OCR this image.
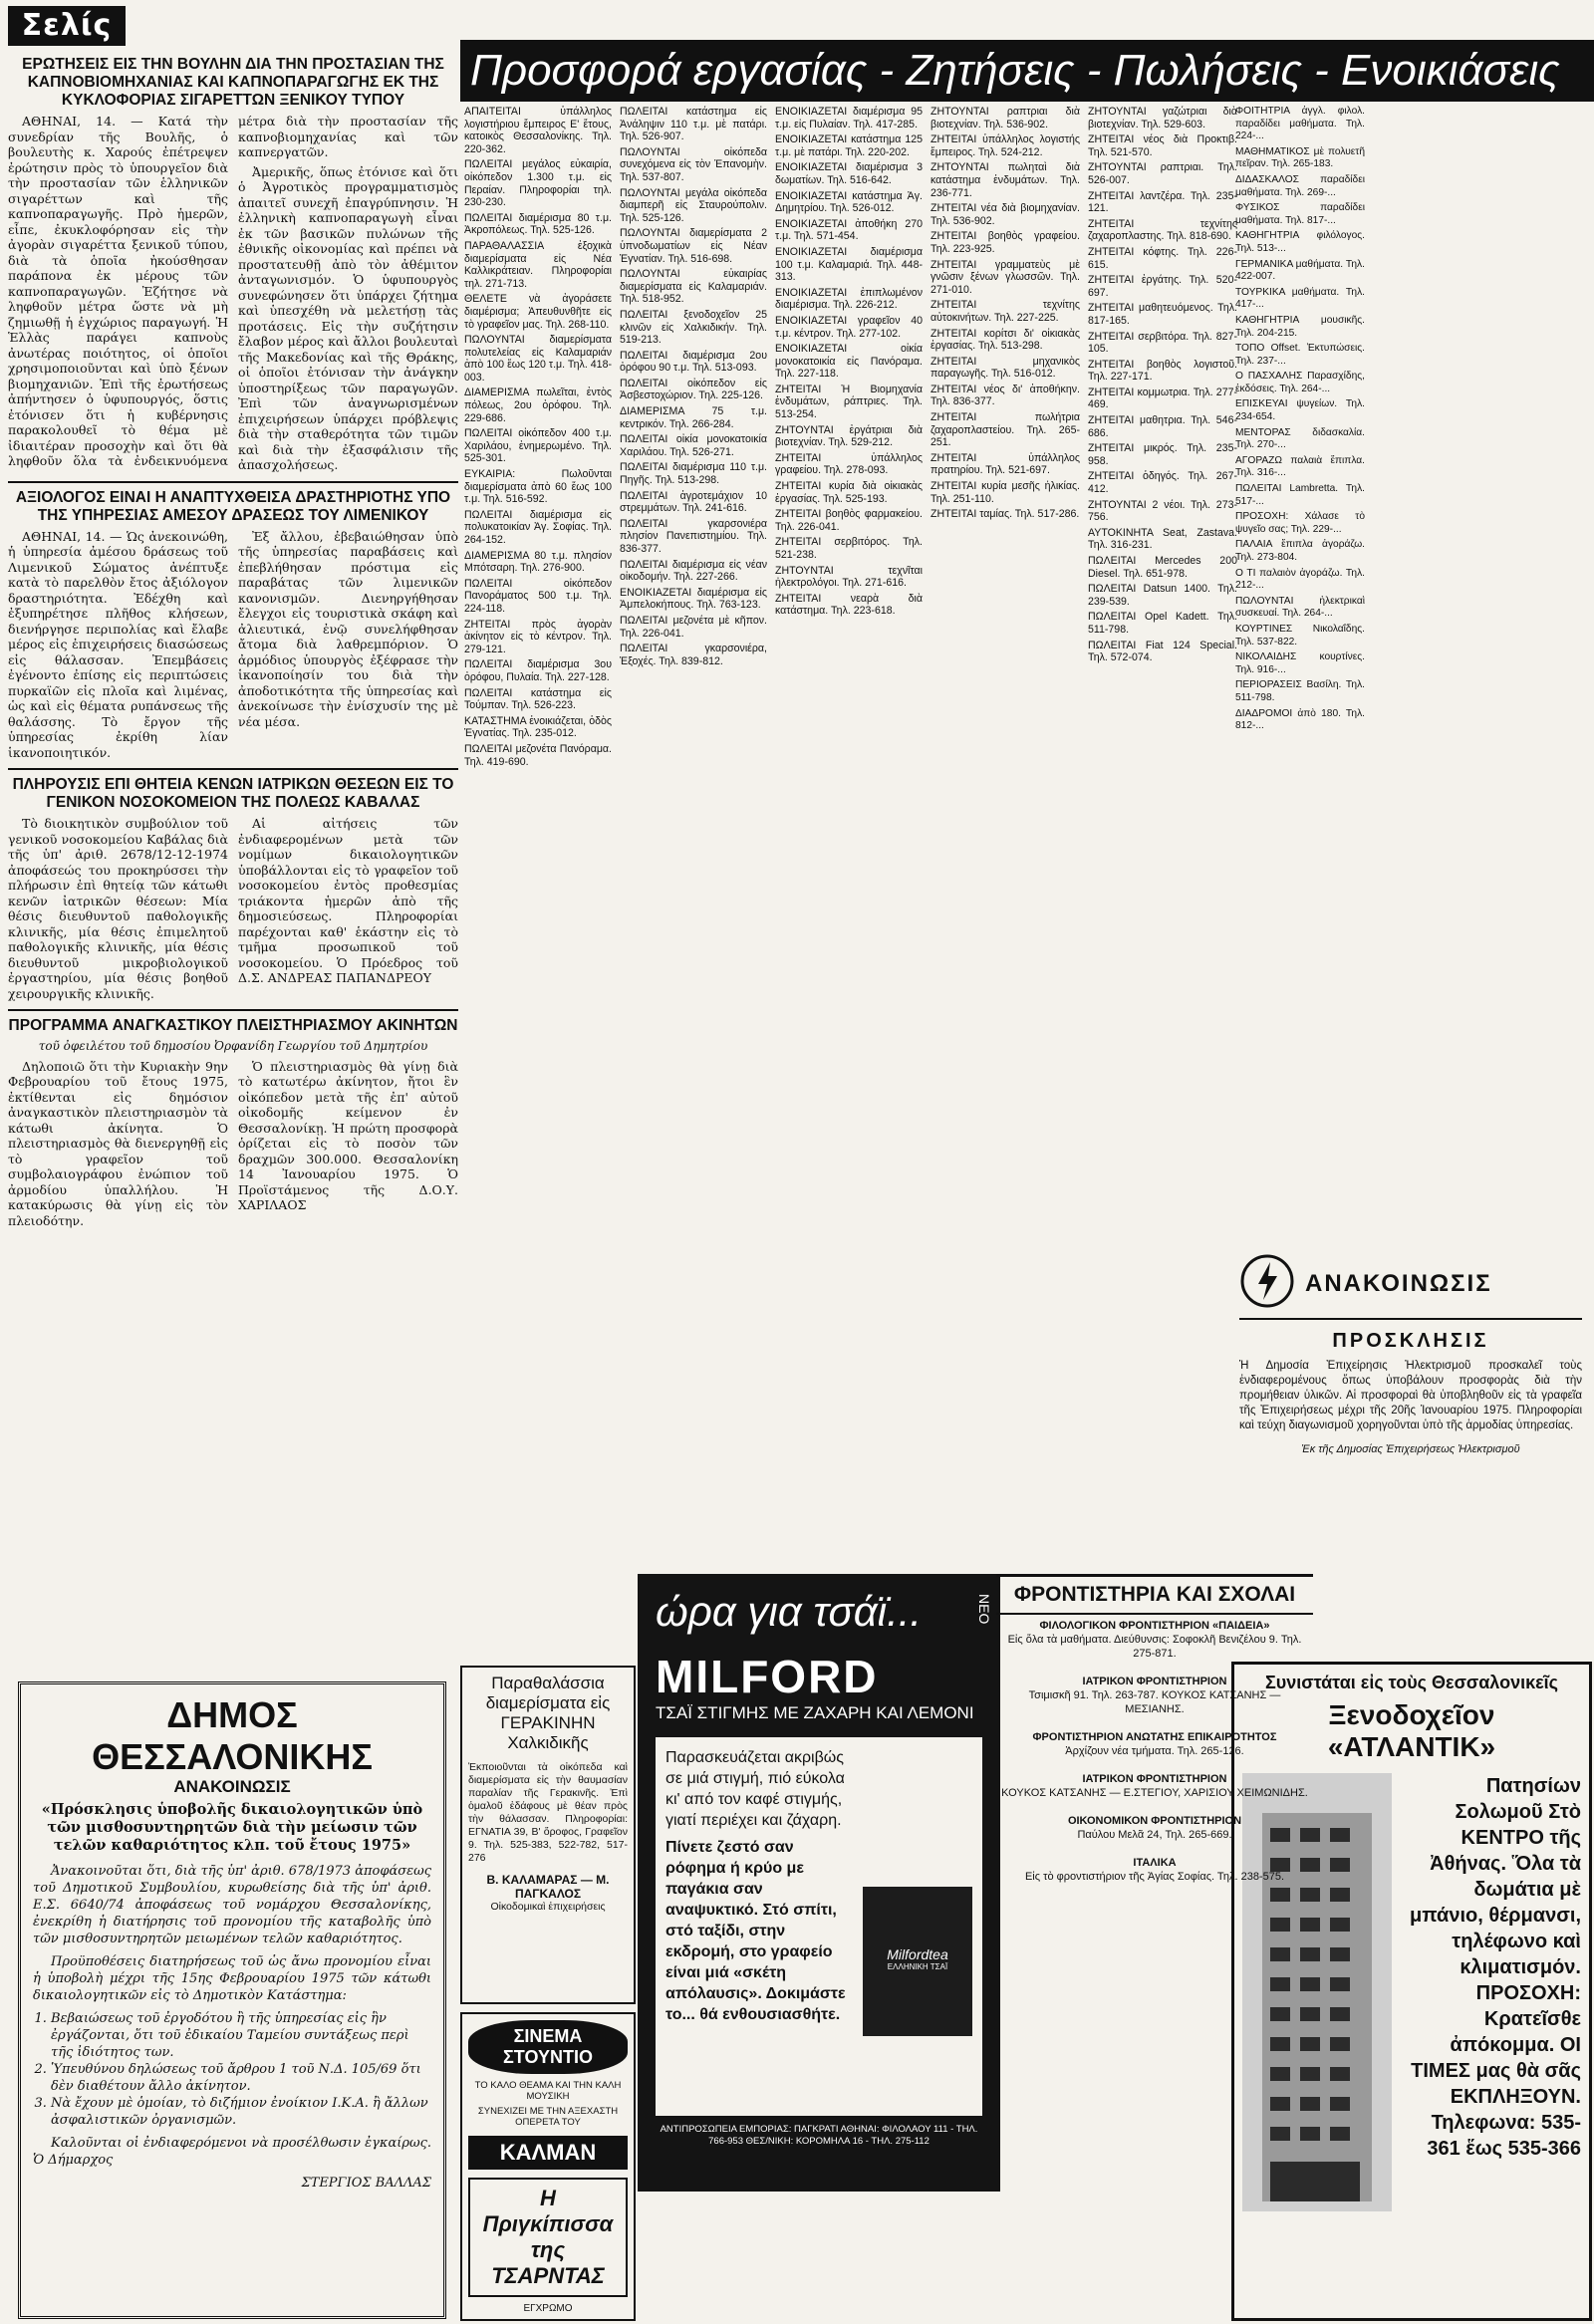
Σελίς
ΕΡΩΤΗΣΕΙΣ ΕΙΣ ΤΗΝ ΒΟΥΛΗΝ ΔΙΑ ΤΗΝ ΠΡΟΣΤΑΣΙΑΝ ΤΗΣ ΚΑΠΝΟΒΙΟΜΗΧΑΝΙΑΣ ΚΑΙ ΚΑΠΝΟΠΑΡΑΓΩΓΗΣ ΕΚ ΤΗΣ ΚΥΚΛΟΦΟΡΙΑΣ ΣΙΓΑΡΕΤΤΩΝ ΞΕΝΙΚΟΥ ΤΥΠΟΥ

ΑΘΗΝΑΙ, 14. — Κατά τὴν συνεδρίαν τῆς Βουλῆς, ὁ βουλευτὴς κ. Χαρούς ἐπέτρεψεν ἐρώτησιν πρὸς τὸ ὑπουργεῖον διὰ τὴν προστασίαν τῶν ἑλληνικῶν σιγαρέττων καὶ τῆς καπνοπαραγωγῆς. Πρὸ ἡμερῶν, εἶπε, ἐκυκλοφόρησαν εἰς τὴν ἀγορὰν σιγαρέττα ξενικοῦ τύπου, διὰ τὰ ὁποῖα ἠκούσθησαν παράπονα ἐκ μέρους τῶν καπνοπαραγωγῶν. Ἐζήτησε νὰ ληφθοῦν μέτρα ὥστε νὰ μὴ ζημιωθῇ ἡ ἐγχώριος παραγωγή. Ἡ Ἑλλὰς παράγει καπνοὺς ἀνωτέρας ποιότητος, οἱ ὁποῖοι χρησιμοποιοῦνται καὶ ὑπὸ ξένων βιομηχανιῶν. Ἐπὶ τῆς ἐρωτήσεως ἀπήντησεν ὁ ὑφυπουργός, ὅστις ἐτόνισεν ὅτι ἡ κυβέρνησις παρακολουθεῖ τὸ θέμα μὲ ἰδιαιτέραν προσοχὴν καὶ ὅτι θὰ ληφθοῦν ὅλα τὰ ἐνδεικνυόμενα μέτρα διὰ τὴν προστασίαν τῆς καπνοβιομηχανίας καὶ τῶν καπνεργατῶν.

Ἀμερικῆς, ὅπως ἐτόνισε καὶ ὅτι ὁ Ἀγροτικὸς προγραμματισμὸς ἀπαιτεῖ συνεχῆ ἐπαγρύπνησιν. Ἡ ἐλληνικὴ καπνοπαραγωγὴ εἶναι ἐκ τῶν βασικῶν πυλώνων τῆς ἐθνικῆς οἰκονομίας καὶ πρέπει νὰ προστατευθῇ ἀπὸ τὸν ἀθέμιτον ἀνταγωνισμόν. Ὁ ὑφυπουργὸς συνεφώνησεν ὅτι ὑπάρχει ζήτημα καὶ ὑπεσχέθη νὰ μελετήσῃ τὰς προτάσεις. Εἰς τὴν συζήτησιν ἔλαβον μέρος καὶ ἄλλοι βουλευταὶ τῆς Μακεδονίας καὶ τῆς Θράκης, οἱ ὁποῖοι ἐτόνισαν τὴν ἀνάγκην ὑποστηρίξεως τῶν παραγωγῶν. Ἐπὶ τῶν ἀναγνωρισμένων ἐπιχειρήσεων ὑπάρχει πρόβλεψις διὰ τὴν σταθερότητα τῶν τιμῶν καὶ διὰ τὴν ἐξασφάλισιν τῆς ἀπασχολήσεως.

ΑΞΙΟΛΟΓΟΣ ΕΙΝΑΙ Η ΑΝΑΠΤΥΧΘΕΙΣΑ ΔΡΑΣΤΗΡΙΟΤΗΣ ΥΠΟ ΤΗΣ ΥΠΗΡΕΣΙΑΣ ΑΜΕΣΟΥ ΔΡΑΣΕΩΣ ΤΟΥ ΛΙΜΕΝΙΚΟΥ

ΑΘΗΝΑΙ, 14. — Ὡς ἀνεκοινώθη, ἡ ὑπηρεσία ἀμέσου δράσεως τοῦ Λιμενικοῦ Σώματος ἀνέπτυξε κατὰ τὸ παρελθὸν ἔτος ἀξιόλογον δραστηριότητα. Ἐδέχθη καὶ ἐξυπηρέτησε πλῆθος κλήσεων, διενήργησε περιπολίας καὶ ἔλαβε μέρος εἰς ἐπιχειρήσεις διασώσεως εἰς θάλασσαν. Ἐπεμβάσεις ἐγένοντο ἐπίσης εἰς περιπτώσεις πυρκαϊῶν εἰς πλοῖα καὶ λιμένας, ὡς καὶ εἰς θέματα ρυπάνσεως τῆς θαλάσσης. Τὸ ἔργον τῆς ὑπηρεσίας ἐκρίθη λίαν ἱκανοποιητικόν.

Ἐξ ἄλλου, ἐβεβαιώθησαν ὑπὸ τῆς ὑπηρεσίας παραβάσεις καὶ ἐπεβλήθησαν πρόστιμα εἰς παραβάτας τῶν λιμενικῶν κανονισμῶν. Διενηργήθησαν ἔλεγχοι εἰς τουριστικὰ σκάφη καὶ ἀλιευτικά, ἐνῷ συνελήφθησαν ἄτομα διὰ λαθρεμπόριον. Ὁ ἀρμόδιος ὑπουργὸς ἐξέφρασε τὴν ἱκανοποίησίν του διὰ τὴν ἀποδοτικότητα τῆς ὑπηρεσίας καὶ ἀνεκοίνωσε τὴν ἐνίσχυσίν της μὲ νέα μέσα.

ΠΛΗΡΟΥΣΙΣ ΕΠΙ ΘΗΤΕΙΑ ΚΕΝΩΝ ΙΑΤΡΙΚΩΝ ΘΕΣΕΩΝ ΕΙΣ ΤΟ ΓΕΝΙΚΟΝ ΝΟΣΟΚΟΜΕΙΟΝ ΤΗΣ ΠΟΛΕΩΣ ΚΑΒΑΛΑΣ

Τὸ διοικητικὸν συμβούλιον τοῦ γενικοῦ νοσοκομείου Καβάλας διὰ τῆς ὑπ' ἀριθ. 2678/12-12-1974 ἀποφάσεώς του προκηρύσσει τὴν πλήρωσιν ἐπὶ θητείᾳ τῶν κάτωθι κενῶν ἰατρικῶν θέσεων: Μία θέσις διευθυντοῦ παθολογικῆς κλινικῆς, μία θέσις ἐπιμελητοῦ παθολογικῆς κλινικῆς, μία θέσις διευθυντοῦ μικροβιολογικοῦ ἐργαστηρίου, μία θέσις βοηθοῦ χειρουργικῆς κλινικῆς.

Αἱ αἰτήσεις τῶν ἐνδιαφερομένων μετὰ τῶν νομίμων δικαιολογητικῶν ὑποβάλλονται εἰς τὸ γραφεῖον τοῦ νοσοκομείου ἐντὸς προθεσμίας τριάκοντα ἡμερῶν ἀπὸ τῆς δημοσιεύσεως. Πληροφορίαι παρέχονται καθ' ἑκάστην εἰς τὸ τμῆμα προσωπικοῦ τοῦ νοσοκομείου. Ὁ Πρόεδρος τοῦ Δ.Σ. ΑΝΔΡΕΑΣ ΠΑΠΑΝΔΡΕΟΥ

ΠΡΟΓΡΑΜΜΑ ΑΝΑΓΚΑΣΤΙΚΟΥ ΠΛΕΙΣΤΗΡΙΑΣΜΟΥ ΑΚΙΝΗΤΩΝ
τοῦ ὀφειλέτου τοῦ δημοσίου Ὀρφανίδη Γεωργίου τοῦ Δημητρίου

Δηλοποιῶ ὅτι τὴν Κυριακὴν 9ην Φεβρουαρίου τοῦ ἔτους 1975, ἐκτίθενται εἰς δημόσιον ἀναγκαστικὸν πλειστηριασμὸν τὰ κάτωθι ἀκίνητα. Ὁ πλειστηριασμὸς θὰ διενεργηθῇ εἰς τὸ γραφεῖον τοῦ συμβολαιογράφου ἐνώπιον τοῦ ἀρμοδίου ὑπαλλήλου. Ἡ κατακύρωσις θὰ γίνῃ εἰς τὸν πλειοδότην.

Ὁ πλειστηριασμὸς θὰ γίνῃ διὰ τὸ κατωτέρω ἀκίνητον, ἤτοι ἓν οἰκόπεδον μετὰ τῆς ἐπ' αὐτοῦ οἰκοδομῆς κείμενον ἐν Θεσσαλονίκῃ. Ἡ πρώτη προσφορὰ ὁρίζεται εἰς τὸ ποσὸν τῶν δραχμῶν 300.000. Θεσσαλονίκη 14 Ἰανουαρίου 1975. Ὁ Προϊστάμενος τῆς Δ.Ο.Υ. ΧΑΡΙΛΑΟΣ

ΔΗΜΟΣ ΘΕΣΣΑΛΟΝΙΚΗΣ
ΑΝΑΚΟΙΝΩΣΙΣ
«Πρόσκλησις ὑποβολῆς δικαιολογητικῶν ὑπὸ τῶν μισθοσυντηρητῶν διὰ τὴν μείωσιν τῶν τελῶν καθαριότητος κλπ. τοῦ ἔτους 1975»

Ἀνακοινοῦται ὅτι, διὰ τῆς ὑπ' ἀριθ. 678/1973 ἀποφάσεως τοῦ Δημοτικοῦ Συμβουλίου, κυρωθείσης διὰ τῆς ὑπ' ἀριθ. Ε.Σ. 6640/74 ἀποφάσεως τοῦ νομάρχου Θεσσαλονίκης, ἐνεκρίθη ἡ διατήρησις τοῦ προνομίου τῆς καταβολῆς ὑπὸ τῶν μισθοσυντηρητῶν μειωμένων τελῶν καθαριότητος.

Προϋποθέσεις διατηρήσεως τοῦ ὡς ἄνω προνομίου εἶναι ἡ ὑποβολὴ μέχρι τῆς 15ης Φεβρουαρίου 1975 τῶν κάτωθι δικαιολογητικῶν εἰς τὸ Δημοτικὸν Κατάστημα:

1. Βεβαιώσεως τοῦ ἐργοδότου ἢ τῆς ὑπηρεσίας εἰς ἣν ἐργάζονται, ὅτι τοῦ ἐδικαίου Ταμείου συντάξεως περὶ τῆς ἰδιότητος των.
2. Ὑπευθύνου δηλώσεως τοῦ ἄρθρου 1 τοῦ Ν.Δ. 105/69 ὅτι δὲν διαθέτουν ἄλλο ἀκίνητον.
3. Νὰ ἔχουν μὲ ὁμοίαν, τὸ διζήμιον ἐνοίκιον Ι.Κ.Α. ἢ ἄλλων ἀσφαλιστικῶν ὀργανισμῶν.

Καλοῦνται οἱ ἐνδιαφερόμενοι νὰ προσέλθωσιν ἐγκαίρως. Ὁ Δήμαρχος

ΣΤΕΡΓΙΟΣ ΒΑΛΛΑΣ
Προσφορά εργασίας - Ζητήσεις - Πωλήσεις - Ενοικιάσεις

ΑΠΑΙΤΕΙΤΑΙ ὑπάλληλος λογιστήριου ἔμπειρος Ε' ἔτους, κατοικὸς Θεσσαλονίκης. Τηλ. 220-362.

ΠΩΛΕΙΤΑΙ μεγάλος εὐκαιρία, οἰκόπεδον 1.300 τ.μ. εἰς Περαίαν. Πληροφορίαι τηλ. 230-230.

ΠΩΛΕΙΤΑΙ διαμέρισμα 80 τ.μ. Ἀκροπόλεως. Τηλ. 525-126.

ΠΑΡΑΘΑΛΑΣΣΙΑ ἐξοχικὰ διαμερίσματα εἰς Νέα Καλλικράτειαν. Πληροφορίαι τηλ. 271-713.

ΘΕΛΕΤΕ νὰ ἀγοράσετε διαμέρισμα; Ἀπευθυνθῆτε εἰς τὸ γραφεῖον μας. Τηλ. 268-110.

ΠΩΛΟΥΝΤΑΙ διαμερίσματα πολυτελείας εἰς Καλαμαριάν ἀπὸ 100 ἕως 120 τ.μ. Τηλ. 418-003.

ΔΙΑΜΕΡΙΣΜΑ πωλεῖται, ἐντὸς πόλεως, 2ου ὀρόφου. Τηλ. 229-686.

ΠΩΛΕΙΤΑΙ οἰκόπεδον 400 τ.μ. Χαριλάου, ἐνημερωμένο. Τηλ. 525-301.

ΕΥΚΑΙΡΙΑ: Πωλοῦνται διαμερίσματα ἀπὸ 60 ἕως 100 τ.μ. Τηλ. 516-592.

ΠΩΛΕΙΤΑΙ διαμέρισμα εἰς πολυκατοικίαν Ἀγ. Σοφίας. Τηλ. 264-152.

ΔΙΑΜΕΡΙΣΜΑ 80 τ.μ. πλησίον Μπότσαρη. Τηλ. 276-900.

ΠΩΛΕΙΤΑΙ οἰκόπεδον Πανοράματος 500 τ.μ. Τηλ. 224-118.

ΖΗΤΕΙΤΑΙ πρὸς ἀγορὰν ἀκίνητον εἰς τὸ κέντρον. Τηλ. 279-121.

ΠΩΛΕΙΤΑΙ διαμέρισμα 3ου ὀρόφου, Πυλαία. Τηλ. 227-128.

ΠΩΛΕΙΤΑΙ κατάστημα εἰς Τούμπαν. Τηλ. 526-223.

ΚΑΤΑΣΤΗΜΑ ἐνοικιάζεται, ὁδὸς Ἐγνατίας. Τηλ. 235-012.

ΠΩΛΕΙΤΑΙ μεζονέτα Πανόραμα. Τηλ. 419-690.

ΠΩΛΕΙΤΑΙ κατάστημα εἰς Ἀνάληψιν 110 τ.μ. μὲ πατάρι. Τηλ. 526-907.

ΠΩΛΟΥΝΤΑΙ οἰκόπεδα συνεχόμενα εἰς τὸν Ἐπανομὴν. Τηλ. 537-807.

ΠΩΛΟΥΝΤΑΙ μεγάλα οἰκόπεδα διαμπερῆ εἰς Σταυρούπολιν. Τηλ. 525-126.

ΠΩΛΟΥΝΤΑΙ διαμερίσματα 2 ὑπνοδωματίων εἰς Νέαν Ἐγνατίαν. Τηλ. 516-698.

ΠΩΛΟΥΝΤΑΙ εὐκαιρίας διαμερίσματα εἰς Καλαμαριάν. Τηλ. 518-952.

ΠΩΛΕΙΤΑΙ ξενοδοχεῖον 25 κλινῶν εἰς Χαλκιδικήν. Τηλ. 519-213.

ΠΩΛΕΙΤΑΙ διαμέρισμα 2ου ὀρόφου 90 τ.μ. Τηλ. 513-093.

ΠΩΛΕΙΤΑΙ οἰκόπεδον εἰς Ἀσβεστοχώριον. Τηλ. 225-126.

ΔΙΑΜΕΡΙΣΜΑ 75 τ.μ. κεντρικόν. Τηλ. 266-284.

ΠΩΛΕΙΤΑΙ οἰκία μονοκατοικία Χαριλάου. Τηλ. 526-271.

ΠΩΛΕΙΤΑΙ διαμέρισμα 110 τ.μ. Πηγῆς. Τηλ. 513-298.

ΠΩΛΕΙΤΑΙ ἀγροτεμάχιον 10 στρεμμάτων. Τηλ. 241-616.

ΠΩΛΕΙΤΑΙ γκαρσονιέρα πλησίον Πανεπιστημίου. Τηλ. 836-377.

ΠΩΛΕΙΤΑΙ διαμέρισμα εἰς νέαν οἰκοδομήν. Τηλ. 227-266.

ΕΝΟΙΚΙΑΖΕΤΑΙ διαμέρισμα εἰς Ἀμπελοκήπους. Τηλ. 763-123.

ΠΩΛΕΙΤΑΙ μεζονέτα μὲ κῆπον. Τηλ. 226-041.

ΠΩΛΕΙΤΑΙ γκαρσονιέρα, Ἐξοχές. Τηλ. 839-812.

ΕΝΟΙΚΙΑΖΕΤΑΙ διαμέρισμα 95 τ.μ. εἰς Πυλαίαν. Τηλ. 417-285.

ΕΝΟΙΚΙΑΖΕΤΑΙ κατάστημα 125 τ.μ. μὲ πατάρι. Τηλ. 220-202.

ΕΝΟΙΚΙΑΖΕΤΑΙ διαμέρισμα 3 δωματίων. Τηλ. 516-642.

ΕΝΟΙΚΙΑΖΕΤΑΙ κατάστημα Ἀγ. Δημητρίου. Τηλ. 526-012.

ΕΝΟΙΚΙΑΖΕΤΑΙ ἀποθήκη 270 τ.μ. Τηλ. 571-454.

ΕΝΟΙΚΙΑΖΕΤΑΙ διαμέρισμα 100 τ.μ. Καλαμαριά. Τηλ. 448-313.

ΕΝΟΙΚΙΑΖΕΤΑΙ ἐπιπλωμένον διαμέρισμα. Τηλ. 226-212.

ΕΝΟΙΚΙΑΖΕΤΑΙ γραφεῖον 40 τ.μ. κέντρον. Τηλ. 277-102.

ΕΝΟΙΚΙΑΖΕΤΑΙ οἰκία μονοκατοικία εἰς Πανόραμα. Τηλ. 227-118.

ΖΗΤΕΙΤΑΙ Ἡ Βιομηχανία ἐνδυμάτων, ράπτριες. Τηλ. 513-254.

ΖΗΤΟΥΝΤΑΙ ἐργάτριαι διὰ βιοτεχνίαν. Τηλ. 529-212.

ΖΗΤΕΙΤΑΙ ὑπάλληλος γραφείου. Τηλ. 278-093.

ΖΗΤΕΙΤΑΙ κυρία διὰ οἰκιακὰς ἐργασίας. Τηλ. 525-193.

ΖΗΤΕΙΤΑΙ βοηθὸς φαρμακείου. Τηλ. 226-041.

ΖΗΤΕΙΤΑΙ σερβιτόρος. Τηλ. 521-238.

ΖΗΤΟΥΝΤΑΙ τεχνῖται ἠλεκτρολόγοι. Τηλ. 271-616.

ΖΗΤΕΙΤΑΙ νεαρὰ διὰ κατάστημα. Τηλ. 223-618.

ΖΗΤΟΥΝΤΑΙ ραπτριαι διὰ βιοτεχνίαν. Τηλ. 536-902.

ΖΗΤΕΙΤΑΙ ὑπάλληλος λογιστής ἔμπειρος. Τηλ. 524-212.

ΖΗΤΟΥΝΤΑΙ πωληταὶ διὰ κατάστημα ἐνδυμάτων. Τηλ. 236-771.

ΖΗΤΕΙΤΑΙ νέα διὰ βιομηχανίαν. Τηλ. 536-902.

ΖΗΤΕΙΤΑΙ βοηθὸς γραφείου. Τηλ. 223-925.

ΖΗΤΕΙΤΑΙ γραμματεὺς μὲ γνῶσιν ξένων γλωσσῶν. Τηλ. 271-010.

ΖΗΤΕΙΤΑΙ τεχνίτης αὐτοκινήτων. Τηλ. 227-225.

ΖΗΤΕΙΤΑΙ κορίτσι δι' οἰκιακὰς ἐργασίας. Τηλ. 513-298.

ΖΗΤΕΙΤΑΙ μηχανικὸς παραγωγῆς. Τηλ. 516-012.

ΖΗΤΕΙΤΑΙ νέος δι' ἀποθήκην. Τηλ. 836-377.

ΖΗΤΕΙΤΑΙ πωλήτρια ζαχαροπλαστείου. Τηλ. 265-251.

ΖΗΤΕΙΤΑΙ ὑπάλληλος πρατηρίου. Τηλ. 521-697.

ΖΗΤΕΙΤΑΙ κυρία μεσῆς ἡλικίας. Τηλ. 251-110.

ΖΗΤΕΙΤΑΙ ταμίας. Τηλ. 517-286.

ΖΗΤΟΥΝΤΑΙ γαζώτριαι διὰ βιοτεχνίαν. Τηλ. 529-603.

ΖΗΤΕΙΤΑΙ νέος διὰ Προκτιβ. Τηλ. 521-570.

ΖΗΤΟΥΝΤΑΙ ραπτριαι. Τηλ. 526-007.

ΖΗΤΕΙΤΑΙ λαντζέρα. Τηλ. 235-121.

ΖΗΤΕΙΤΑΙ τεχνίτης ζαχαροπλαστης. Τηλ. 818-690.

ΖΗΤΕΙΤΑΙ κόφτης. Τηλ. 226-615.

ΖΗΤΕΙΤΑΙ ἐργάτης. Τηλ. 520-697.

ΖΗΤΕΙΤΑΙ μαθητευόμενος. Τηλ. 817-165.

ΖΗΤΕΙΤΑΙ σερβιτόρα. Τηλ. 827-105.

ΖΗΤΕΙΤΑΙ βοηθὸς λογιστοῦ. Τηλ. 227-171.

ΖΗΤΕΙΤΑΙ κομμωτρια. Τηλ. 277-469.

ΖΗΤΕΙΤΑΙ μαθητρια. Τηλ. 546-686.

ΖΗΤΕΙΤΑΙ μικρός. Τηλ. 235-958.

ΖΗΤΕΙΤΑΙ ὁδηγός. Τηλ. 267-412.

ΖΗΤΟΥΝΤΑΙ 2 νέοι. Τηλ. 273-756.

ΑΥΤΟΚΙΝΗΤΑ Seat, Zastava. Τηλ. 316-231.

ΠΩΛΕΙΤΑΙ Mercedes 200 Diesel. Τηλ. 651-978.

ΠΩΛΕΙΤΑΙ Datsun 1400. Τηλ. 239-539.

ΠΩΛΕΙΤΑΙ Opel Kadett. Τηλ. 511-798.

ΠΩΛΕΙΤΑΙ Fiat 124 Special. Τηλ. 572-074.

ΦΟΙΤΗΤΡΙΑ ἀγγλ. φιλολ. παραδίδει μαθήματα. Τηλ. 224-...

ΜΑΘΗΜΑΤΙΚΟΣ μὲ πολυετῆ πεῖραν. Τηλ. 265-183.

ΔΙΔΑΣΚΑΛΟΣ παραδίδει μαθήματα. Τηλ. 269-...

ΦΥΣΙΚΟΣ παραδίδει μαθήματα. Τηλ. 817-...

ΚΑΘΗΓΗΤΡΙΑ φιλόλογος. Τηλ. 513-...

ΓΕΡΜΑΝΙΚΑ μαθήματα. Τηλ. 422-007.

ΤΟΥΡΚΙΚΑ μαθήματα. Τηλ. 417-...

ΚΑΘΗΓΗΤΡΙΑ μουσικῆς. Τηλ. 204-215.

ΤΟΠΟ Offset. Ἐκτυπώσεις. Τηλ. 237-...

Ο ΠΑΣΧΑΛΗΣ Παρασχίδης, ἐκδόσεις. Τηλ. 264-...

ΕΠΙΣΚΕΥΑΙ ψυγείων. Τηλ. 234-654.

ΜΕΝΤΟΡΑΣ διδασκαλία. Τηλ. 270-...

ΑΓΟΡΑΖΩ παλαιὰ ἔπιπλα. Τηλ. 316-...

ΠΩΛΕΙΤΑΙ Lambretta. Τηλ. 517-...

ΠΡΟΣΟΧΗ: Χάλασε τὸ ψυγεῖο σας; Τηλ. 229-...

ΠΑΛΑΙΑ ἔπιπλα ἀγοράζω. Τηλ. 273-804.

Ο ΤΙ παλαιὸν ἀγοράζω. Τηλ. 212-...

ΠΩΛΟΥΝΤΑΙ ἠλεκτρικαὶ συσκευαί. Τηλ. 264-...

ΚΟΥΡΤΙΝΕΣ Νικολαΐδης. Τηλ. 537-822.

ΝΙΚΟΛΑΙΔΗΣ κουρτίνες. Τηλ. 916-...

ΠΕΡΙΟΡΑΣΕΙΣ Βασίλη. Τηλ. 511-798.

ΔΙΑΔΡΟΜΟΙ ἀπὸ 180. Τηλ. 812-...

ΑΝΑΚΟΙΝΩΣΙΣ
ΠΡΟΣΚΛΗΣΙΣ
Ἡ Δημοσία Ἐπιχείρησις Ἠλεκτρισμοῦ προσκαλεῖ τοὺς ἐνδιαφερομένους ὅπως ὑποβάλουν προσφορὰς διὰ τὴν προμήθειαν ὑλικῶν. Αἱ προσφοραὶ θὰ ὑποβληθοῦν εἰς τὰ γραφεῖα τῆς Ἐπιχειρήσεως μέχρι τῆς 20ῆς Ἰανουαρίου 1975. Πληροφορίαι καὶ τεύχη διαγωνισμοῦ χορηγοῦνται ὑπὸ τῆς ἁρμοδίας ὑπηρεσίας.
Ἐκ τῆς Δημοσίας Ἐπιχειρήσεως Ἠλεκτρισμοῦ
Συνιστάται εἰς τοὺς Θεσσαλονικεῖς
Ξενοδοχεῖον «ΑΤΛΑΝΤΙΚ»
Πατησίων Σολωμοῦ Στὸ ΚΕΝΤΡΟ τῆς Ἀθήνας. Ὅλα τὰ δωμάτια μὲ μπάνιο, θέρμανσι, τηλέφωνο καὶ κλιματισμόν. ΠΡΟΣΟΧΗ: Κρατεῖσθε ἀπόκομμα. ΟΙ ΤΙΜΕΣ μας θὰ σᾶς ΕΚΠΛΗΞΟΥΝ. Τηλεφωνα: 535-361 ἕως 535-366
Παραθαλάσσια διαμερίσματα εἰς ΓΕΡΑΚΙΝΗΝ Χαλκιδικῆς
Ἐκποιοῦνται τὰ οἰκόπεδα καὶ διαμερίσματα εἰς τὴν θαυμασίαν παραλίαν τῆς Γερακινῆς. Ἐπὶ ὁμαλοῦ ἐδάφους μὲ θέαν πρὸς τὴν θάλασσαν. Πληροφορίαι: ΕΓΝΑΤΙΑ 39, Β' ὄροφος, Γραφεῖον 9. Τηλ. 525-383, 522-782, 517-276
Β. ΚΑΛΑΜΑΡΑΣ — Μ. ΠΑΓΚΑΛΟΣ
Οἰκοδομικαὶ ἐπιχειρήσεις
ΣΙΝΕΜΑ ΣΤΟΥΝΤΙΟ
ΤΟ ΚΑΛΟ ΘΕΑΜΑ ΚΑΙ ΤΗΝ ΚΑΛΗ ΜΟΥΣΙΚΗ
ΣΥΝΕΧΙΖΕΙ ΜΕ ΤΗΝ ΑΞΕΧΑΣΤΗ ΟΠΕΡΕΤΑ ΤΟΥ
ΚΑΛΜΑΝ
Η Πριγκίπισσα της ΤΣΑΡΝΤΑΣ
ΕΓΧΡΩΜΟ
ώρα για τσάϊ...
MILFORD
ΤΣΑΪ ΣΤΙΓΜΗΣ ΜΕ ΖΑΧΑΡΗ ΚΑΙ ΛΕΜΟΝΙ
ΝΕΟ
Παρασκευάζεται ακριβώς σε μιά στιγμή, πιό εύκολα κι' από τον καφέ στιγμής, γιατί περιέχει και ζάχαρη.
Πίνετε ζεστό σαν ρόφημα ή κρύο με παγάκια σαν αναψυκτικό. Στό σπίτι, στό ταξίδι, στην εκδρομή, στο γραφείο είναι μιά «σκέτη απόλαυσις». Δοκιμάστε το... θά ενθουσιασθήτε.
Milfordtea
ΕΛΛΗΝΙΚΗ ΤΣΑΪ
ΑΝΤΙΠΡΟΣΩΠΕΙΑ ΕΜΠΟΡΙΑΣ: ΠΑΓΚΡΑΤΙ ΑΘΗΝΑΙ: ΦΙΛΟΛΑΟΥ 111 - ΤΗΛ. 766-953 ΘΕΣ/ΝΙΚΗ: ΚΟΡΟΜΗΛΑ 16 - ΤΗΛ. 275-112
ΦΡΟΝΤΙΣΤΗΡΙΑ ΚΑΙ ΣΧΟΛΑΙ
ΦΙΛΟΛΟΓΙΚΟΝ ΦΡΟΝΤΙΣΤΗΡΙΟΝ «ΠΑΙΔΕΙΑ»
Εἰς ὅλα τὰ μαθήματα. Διεύθυνσις: Σοφοκλῆ Βενιζέλου 9. Τηλ. 275-871.
ΙΑΤΡΙΚΟΝ ΦΡΟΝΤΙΣΤΗΡΙΟΝ
Τσιμισκῆ 91. Τηλ. 263-787. ΚΟΥΚΟΣ ΚΑΤΣΑΝΗΣ — ΜΕΣΙΑΝΗΣ.
ΦΡΟΝΤΙΣΤΗΡΙΟΝ ΑΝΩΤΑΤΗΣ ΕΠΙΚΑΙΡΟΤΗΤΟΣ
Ἀρχίζουν νέα τμήματα. Τηλ. 265-126.
ΙΑΤΡΙΚΟΝ ΦΡΟΝΤΙΣΤΗΡΙΟΝ
ΚΟΥΚΟΣ ΚΑΤΣΑΝΗΣ — Ε.ΣΤΕΓΙΟΥ, ΧΑΡΙΣΙΟΥ ΧΕΙΜΩΝΙΔΗΣ.
ΟΙΚΟΝΟΜΙΚΟΝ ΦΡΟΝΤΙΣΤΗΡΙΟΝ
Παύλου Μελᾶ 24, Τηλ. 265-669.
ΙΤΑΛΙΚΑ
Εἰς τὸ φροντιστήριον τῆς Ἀγίας Σοφίας. Τηλ. 238-575.
